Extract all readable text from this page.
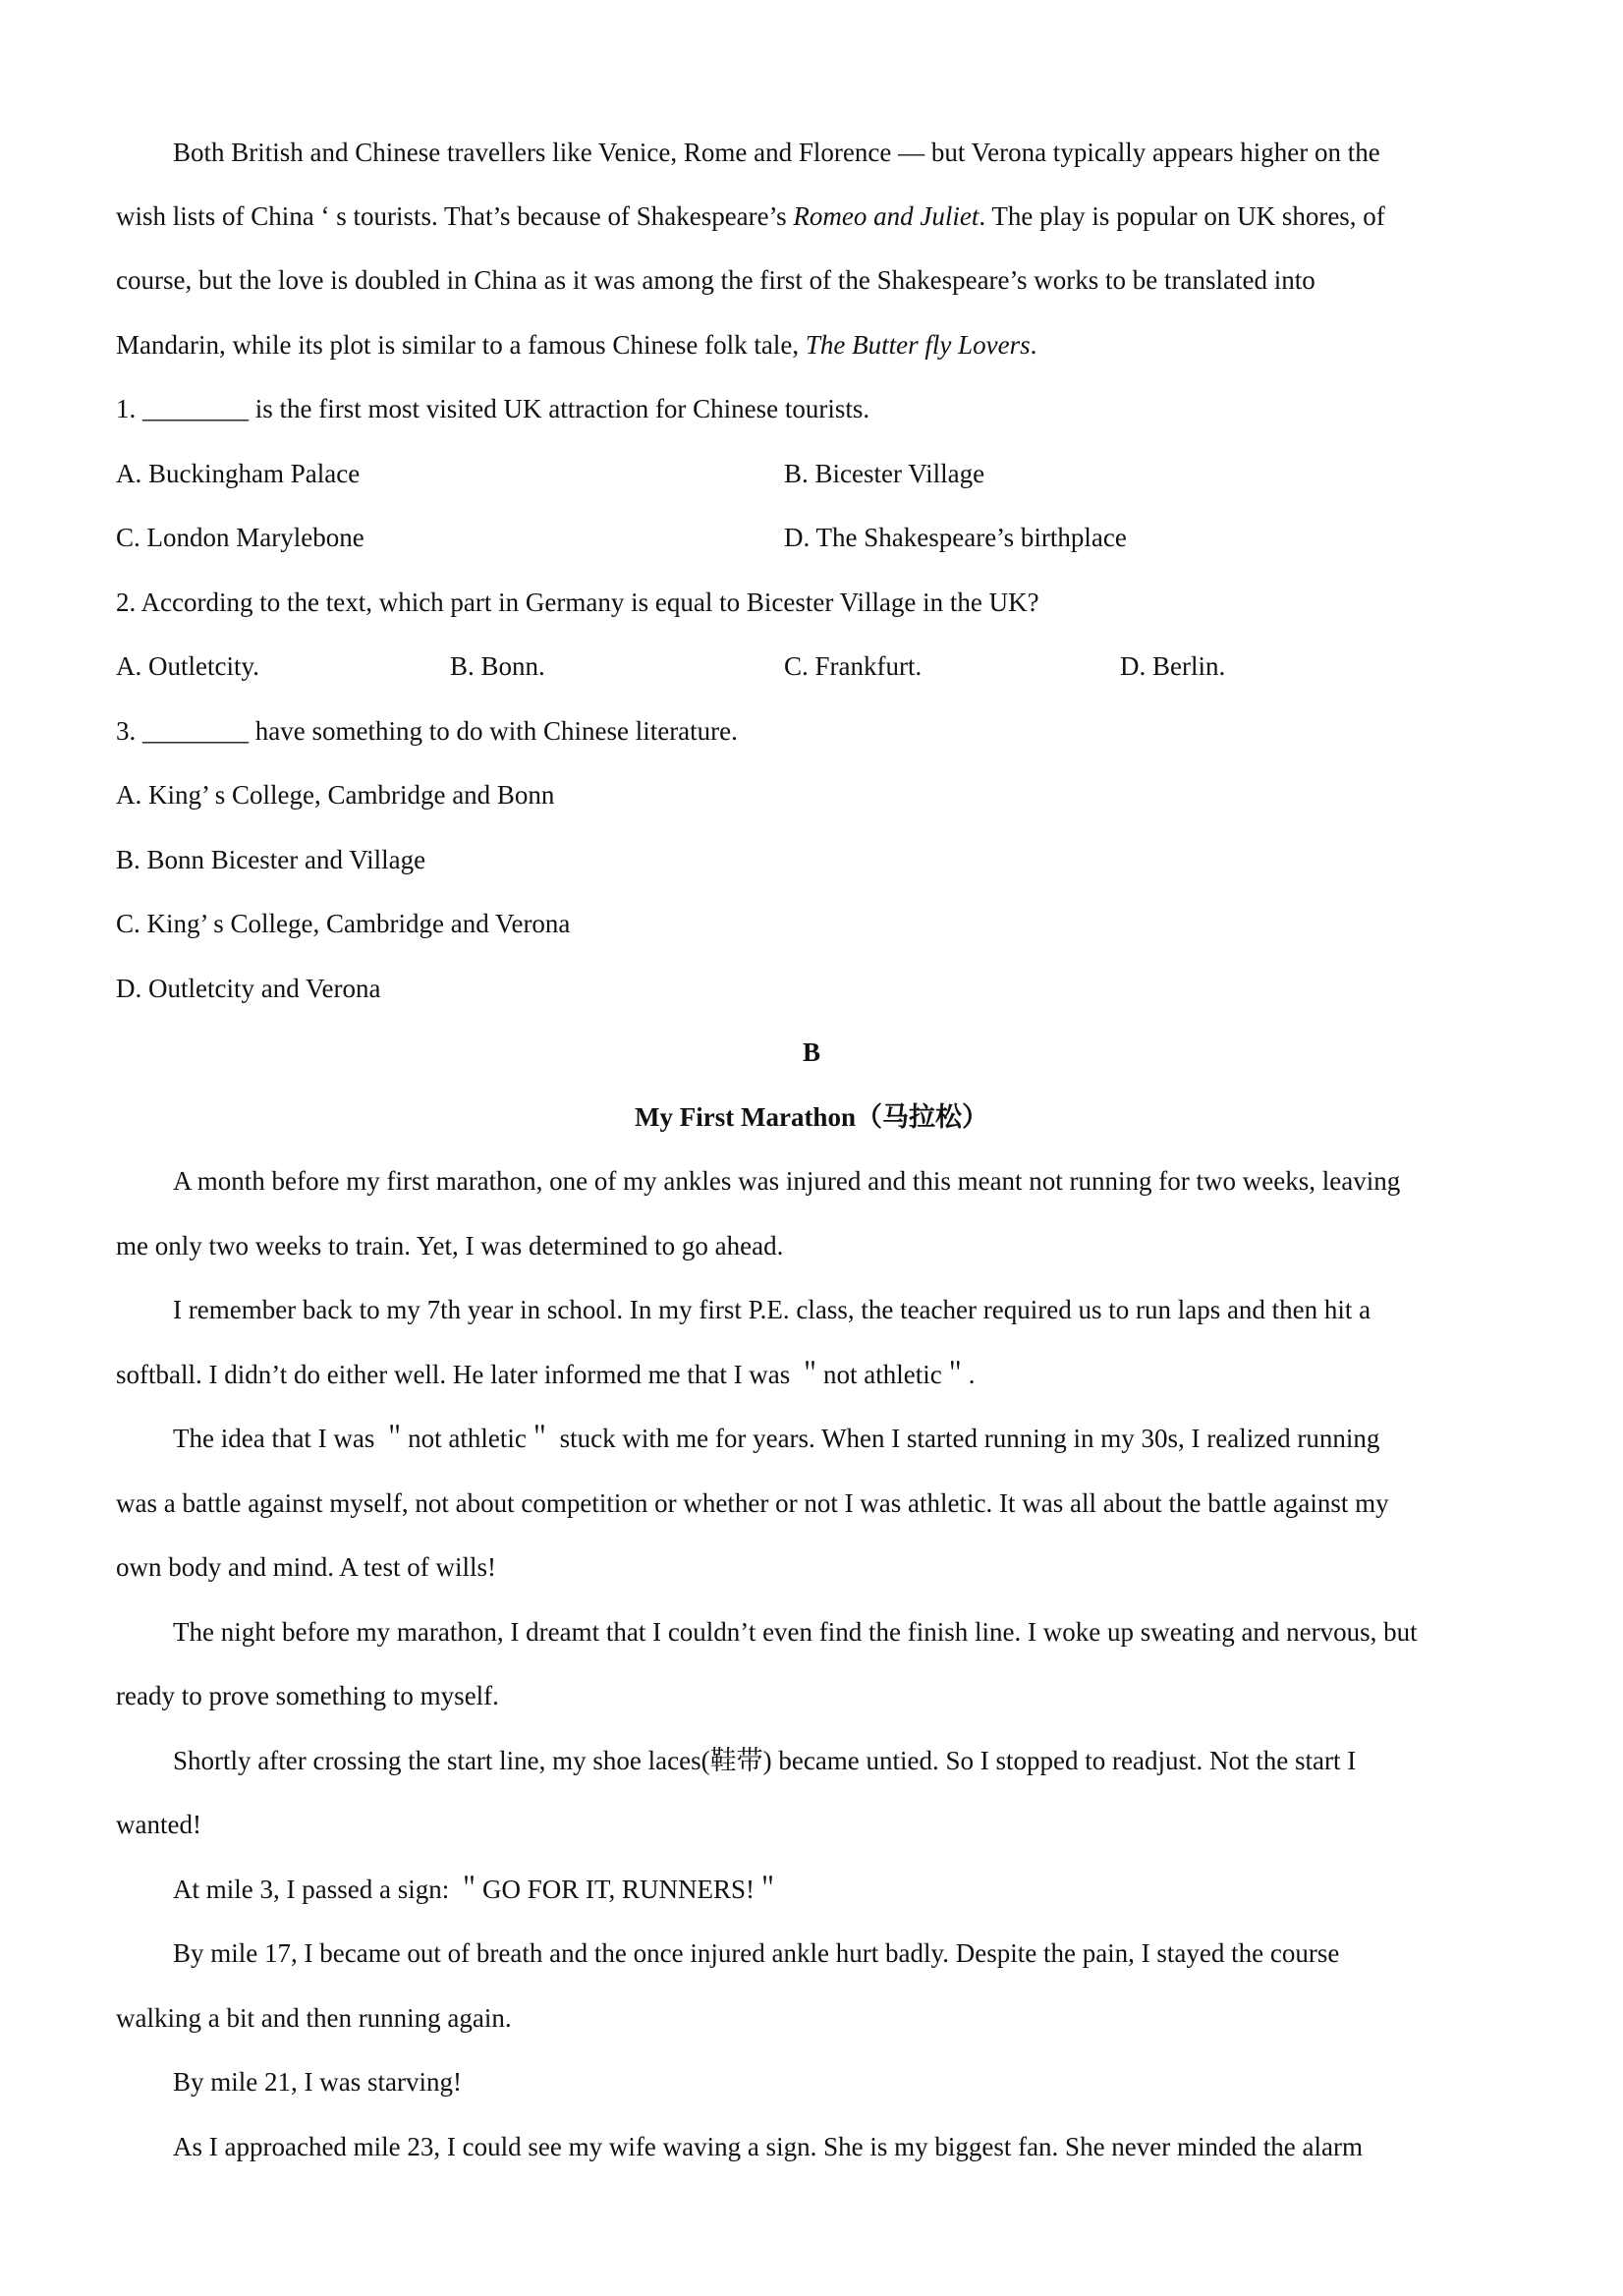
Both British and Chinese travellers like Venice, Rome and Florence — but Verona typically appears higher on the
wish lists of China ‘ s tourists. That’s because of Shakespeare’s Romeo and Juliet. The play is popular on UK shores, of
course, but the love is doubled in China as it was among the first of the Shakespeare’s works to be translated into
Mandarin, while its plot is similar to a famous Chinese folk tale, The Butter fly Lovers.
1. ________ is the first most visited UK attraction for Chinese tourists.
A. Buckingham Palace	B. Bicester Village
C. London Marylebone	D. The Shakespeare’s birthplace
2. According to the text, which part in Germany is equal to Bicester Village in the UK?
A. Outletcity.	B. Bonn.	C. Frankfurt.	D. Berlin.
3. ________ have something to do with Chinese literature.
A. King’ s College, Cambridge and Bonn
B. Bonn Bicester and Village
C. King’ s College, Cambridge and Verona
D. Outletcity and Verona
B
My First Marathon（马拉松）
A month before my first marathon, one of my ankles was injured and this meant not running for two weeks, leaving
me only two weeks to train. Yet, I was determined to go ahead.
I remember back to my 7th year in school. In my first P.E. class, the teacher required us to run laps and then hit a
softball. I didn’t do either well. He later informed me that I was ＂not athletic＂.
The idea that I was ＂not athletic＂ stuck with me for years. When I started running in my 30s, I realized running
was a battle against myself, not about competition or whether or not I was athletic. It was all about the battle against my
own body and mind. A test of wills!
The night before my marathon, I dreamt that I couldn’t even find the finish line. I woke up sweating and nervous, but
ready to prove something to myself.
Shortly after crossing the start line, my shoe laces(鞋带) became untied. So I stopped to readjust. Not the start I
wanted!
At mile 3, I passed a sign: ＂GO FOR IT, RUNNERS!＂
By mile 17, I became out of breath and the once injured ankle hurt badly. Despite the pain, I stayed the course
walking a bit and then running again.
By mile 21, I was starving!
As I approached mile 23, I could see my wife waving a sign. She is my biggest fan. She never minded the alarm
